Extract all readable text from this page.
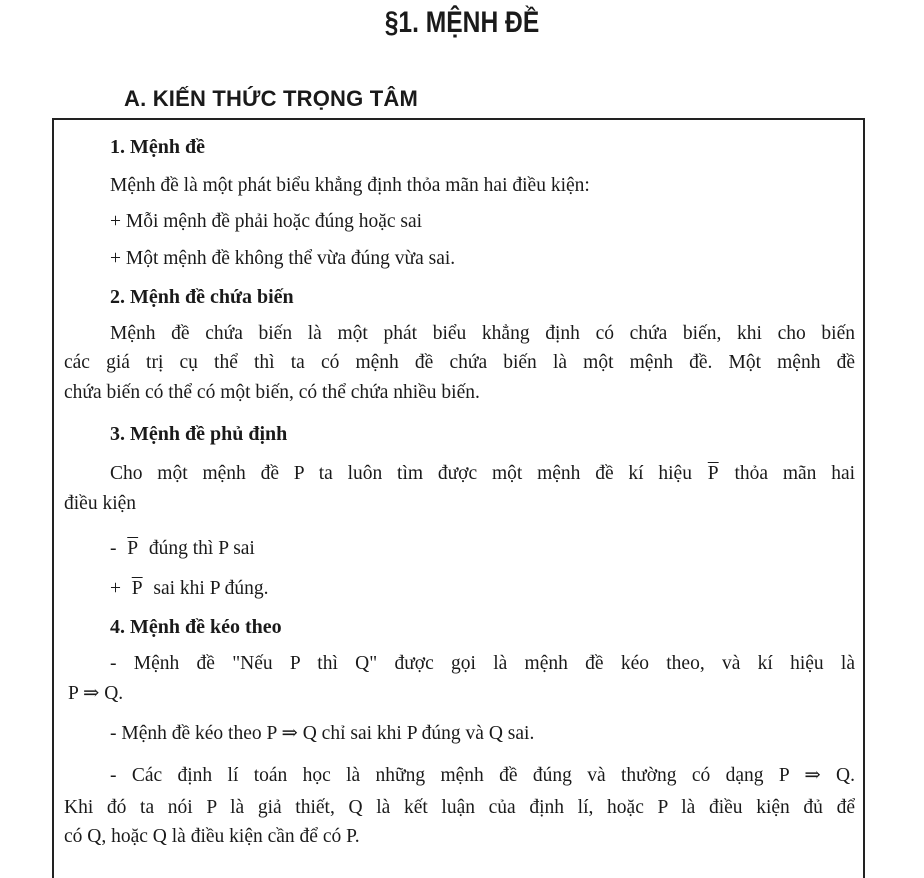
§1. MỆNH ĐỀ
A. KIẾN THỨC TRỌNG TÂM
1. Mệnh đề
Mệnh đề là một phát biểu khẳng định thỏa mãn hai điều kiện:
+ Mỗi mệnh đề phải hoặc đúng hoặc sai
+ Một mệnh đề không thể vừa đúng vừa sai.
2. Mệnh đề chứa biến
Mệnh đề chứa biến là một phát biểu khẳng định có chứa biến, khi cho biến
các giá trị cụ thể thì ta có mệnh đề chứa biến là một mệnh đề. Một mệnh đề
chứa biến có thể có một biến, có thể chứa nhiều biến.
3. Mệnh đề phủ định
Cho một mệnh đề P ta luôn tìm được một mệnh đề kí hiệu $\overline{P}$ thỏa mãn hai
điều kiện
- $\overline{P}$ đúng thì P sai
+ $\overline{P}$ sai khi P đúng.
4. Mệnh đề kéo theo
- Mệnh đề "Nếu P thì Q" được gọi là mệnh đề kéo theo, và kí hiệu là
P ⇒ Q.
- Mệnh đề kéo theo P ⇒ Q chỉ sai khi P đúng và Q sai.
- Các định lí toán học là những mệnh đề đúng và thường có dạng P ⇒ Q.
Khi đó ta nói P là giả thiết, Q là kết luận của định lí, hoặc P là điều kiện đủ để
có Q, hoặc Q là điều kiện cần để có P.
